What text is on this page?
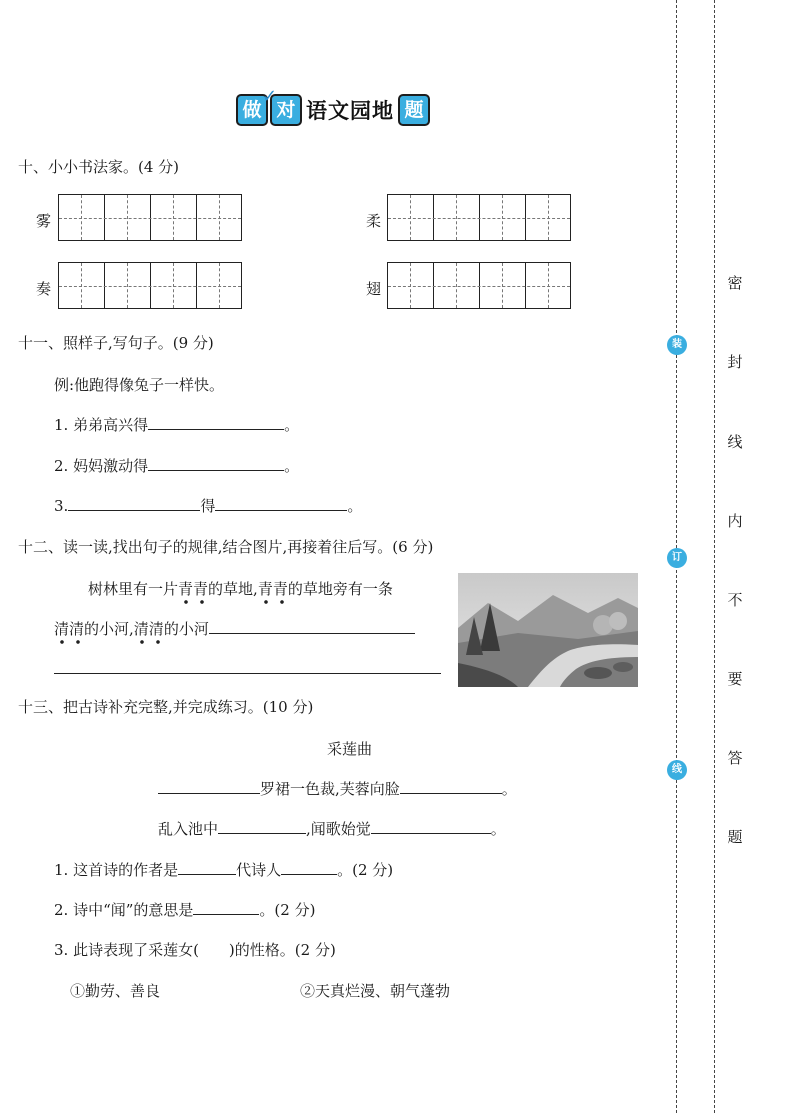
做
✓
对 语文园地 题
十、小小书法家。(4 分)
雾	柔
奏	翅
十一、照样子,写句子。(9 分)
例:他跑得像兔子一样快。
1. 弟弟高兴得	。
2. 妈妈激动得	。
3.	得	。
十二、读一读,找出句子的规律,结合图片,再接着往后写。(6 分)
树林里有一片青青的草地,青青的草地旁有一条
清清的小河,清清的小河
十三、把古诗补充完整,并完成练习。(10 分)
采莲曲
罗裙一色裁,芙蓉向脸	。
乱入池中	,闻歌始觉	。
1. 这首诗的作者是	代诗人	。(2 分)
2. 诗中“闻”的意思是	。(2 分)
3. 此诗表现了采莲女(　　)的性格。(2 分)
①勤劳、善良	②天真烂漫、朝气蓬勃
装
订
线
密
封
线
内
不
要
答
题
